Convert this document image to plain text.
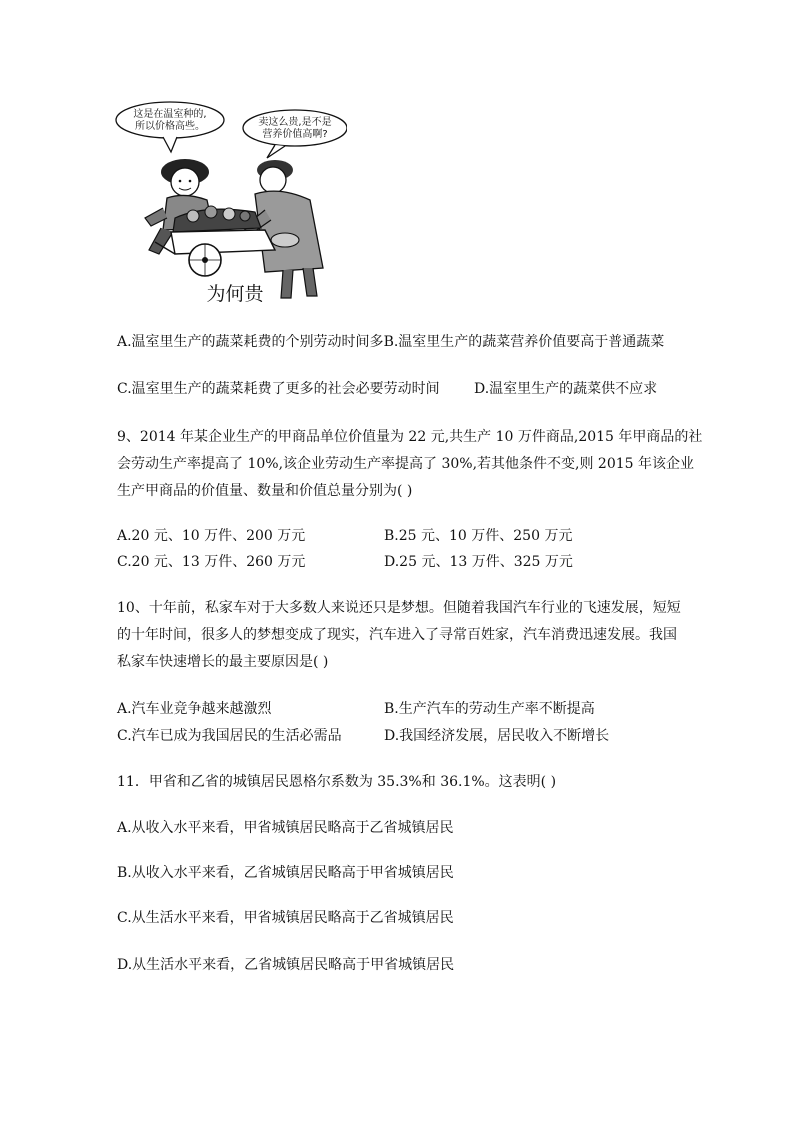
这是在温室种的,
所以价格高些。	卖这么贵,是不是
营养价值高啊?
为何贵
A.温室里生产的蔬菜耗费的个别劳动时间多B.温室里生产的蔬菜营养价值要高于普通蔬菜
C.温室里生产的蔬菜耗费了更多的社会必要劳动时间 D.温室里生产的蔬菜供不应求
9、2014 年某企业生产的甲商品单位价值量为 22 元,共生产 10 万件商品,2015 年甲商品的社
会劳动生产率提高了 10%,该企业劳动生产率提高了 30%,若其他条件不变,则 2015 年该企业
生产甲商品的价值量、数量和价值总量分别为( )
A.20 元、10 万件、200 万元	B.25 元、10 万件、250 万元
C.20 元、13 万件、260 万元	D.25 元、13 万件、325 万元
10、十年前，私家车对于大多数人来说还只是梦想。但随着我国汽车行业的飞速发展，短短
的十年时间，很多人的梦想变成了现实，汽车进入了寻常百姓家，汽车消费迅速发展。我国
私家车快速增长的最主要原因是( )
A.汽车业竞争越来越激烈	B.生产汽车的劳动生产率不断提高
C.汽车已成为我国居民的生活必需品	D.我国经济发展，居民收入不断增长
11．甲省和乙省的城镇居民恩格尔系数为 35.3%和 36.1%。这表明( )
A.从收入水平来看，甲省城镇居民略高于乙省城镇居民
B.从收入水平来看，乙省城镇居民略高于甲省城镇居民
C.从生活水平来看，甲省城镇居民略高于乙省城镇居民
D.从生活水平来看，乙省城镇居民略高于甲省城镇居民
